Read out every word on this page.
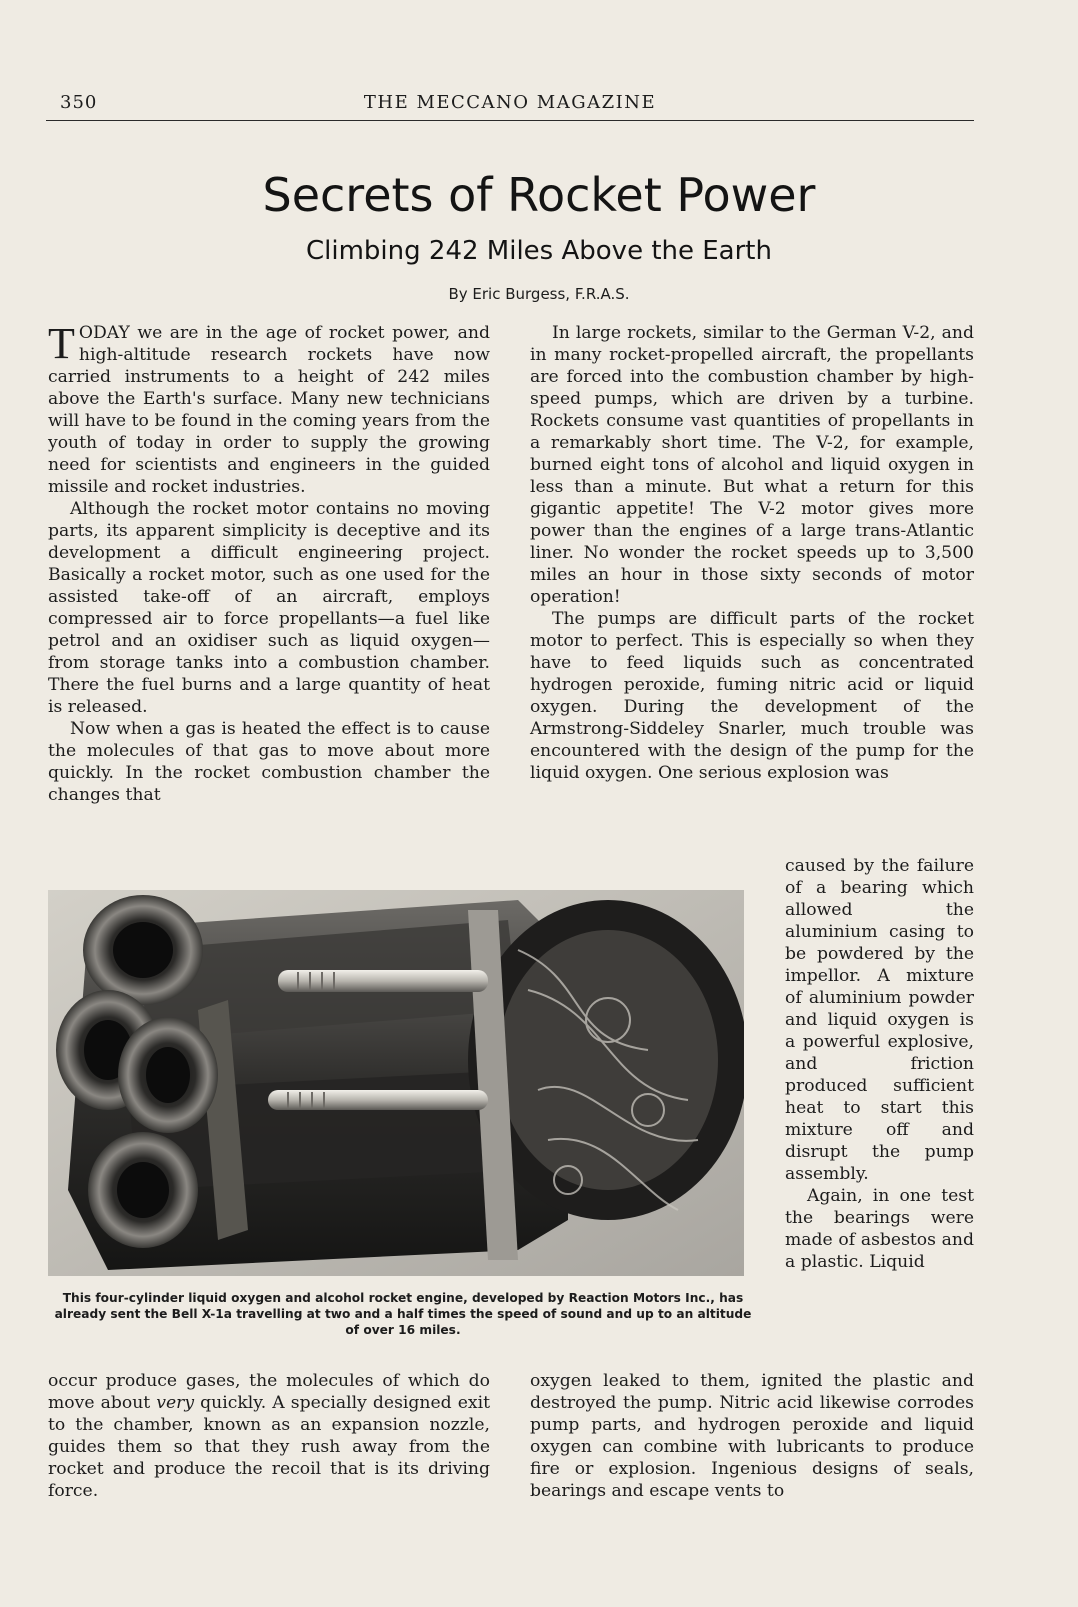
350	THE MECCANO MAGAZINE
Secrets of Rocket Power
Climbing 242 Miles Above the Earth
By Eric Burgess, F.R.A.S.

TODAY we are in the age of rocket power, and high-altitude research rockets have now carried instruments to a height of 242 miles above the Earth's surface. Many new technicians will have to be found in the coming years from the youth of today in order to supply the growing need for scientists and engineers in the guided missile and rocket industries.

Although the rocket motor contains no moving parts, its apparent simplicity is deceptive and its development a difficult engineering project. Basically a rocket motor, such as one used for the assisted take-off of an aircraft, employs compressed air to force propellants—a fuel like petrol and an oxidiser such as liquid oxygen—from storage tanks into a combustion chamber. There the fuel burns and a large quantity of heat is released.

Now when a gas is heated the effect is to cause the molecules of that gas to move about more quickly. In the rocket combustion chamber the changes that

In large rockets, similar to the German V-2, and in many rocket-propelled aircraft, the propellants are forced into the combustion chamber by high-speed pumps, which are driven by a turbine. Rockets consume vast quantities of propellants in a remarkably short time. The V-2, for example, burned eight tons of alcohol and liquid oxygen in less than a minute. But what a return for this gigantic appetite! The V-2 motor gives more power than the engines of a large trans-Atlantic liner. No wonder the rocket speeds up to 3,500 miles an hour in those sixty seconds of motor operation!

The pumps are difficult parts of the rocket motor to perfect. This is especially so when they have to feed liquids such as concentrated hydrogen peroxide, fuming nitric acid or liquid oxygen. During the development of the Armstrong-Siddeley Snarler, much trouble was encountered with the design of the pump for the liquid oxygen. One serious explosion was

This four-cylinder liquid oxygen and alcohol rocket engine, developed by Reaction Motors Inc., has already sent the Bell X-1a travelling at two and a half times the speed of sound and up to an altitude of over 16 miles.

caused by the failure of a bearing which allowed the aluminium casing to be powdered by the impellor. A mixture of aluminium powder and liquid oxygen is a powerful explosive, and friction produced sufficient heat to start this mixture off and disrupt the pump assembly.

Again, in one test the bearings were made of asbestos and a plastic. Liquid

occur produce gases, the molecules of which do move about very quickly. A specially designed exit to the chamber, known as an expansion nozzle, guides them so that they rush away from the rocket and produce the recoil that is its driving force.

oxygen leaked to them, ignited the plastic and destroyed the pump. Nitric acid likewise corrodes pump parts, and hydrogen peroxide and liquid oxygen can combine with lubricants to produce fire or explosion. Ingenious designs of seals, bearings and escape vents to
